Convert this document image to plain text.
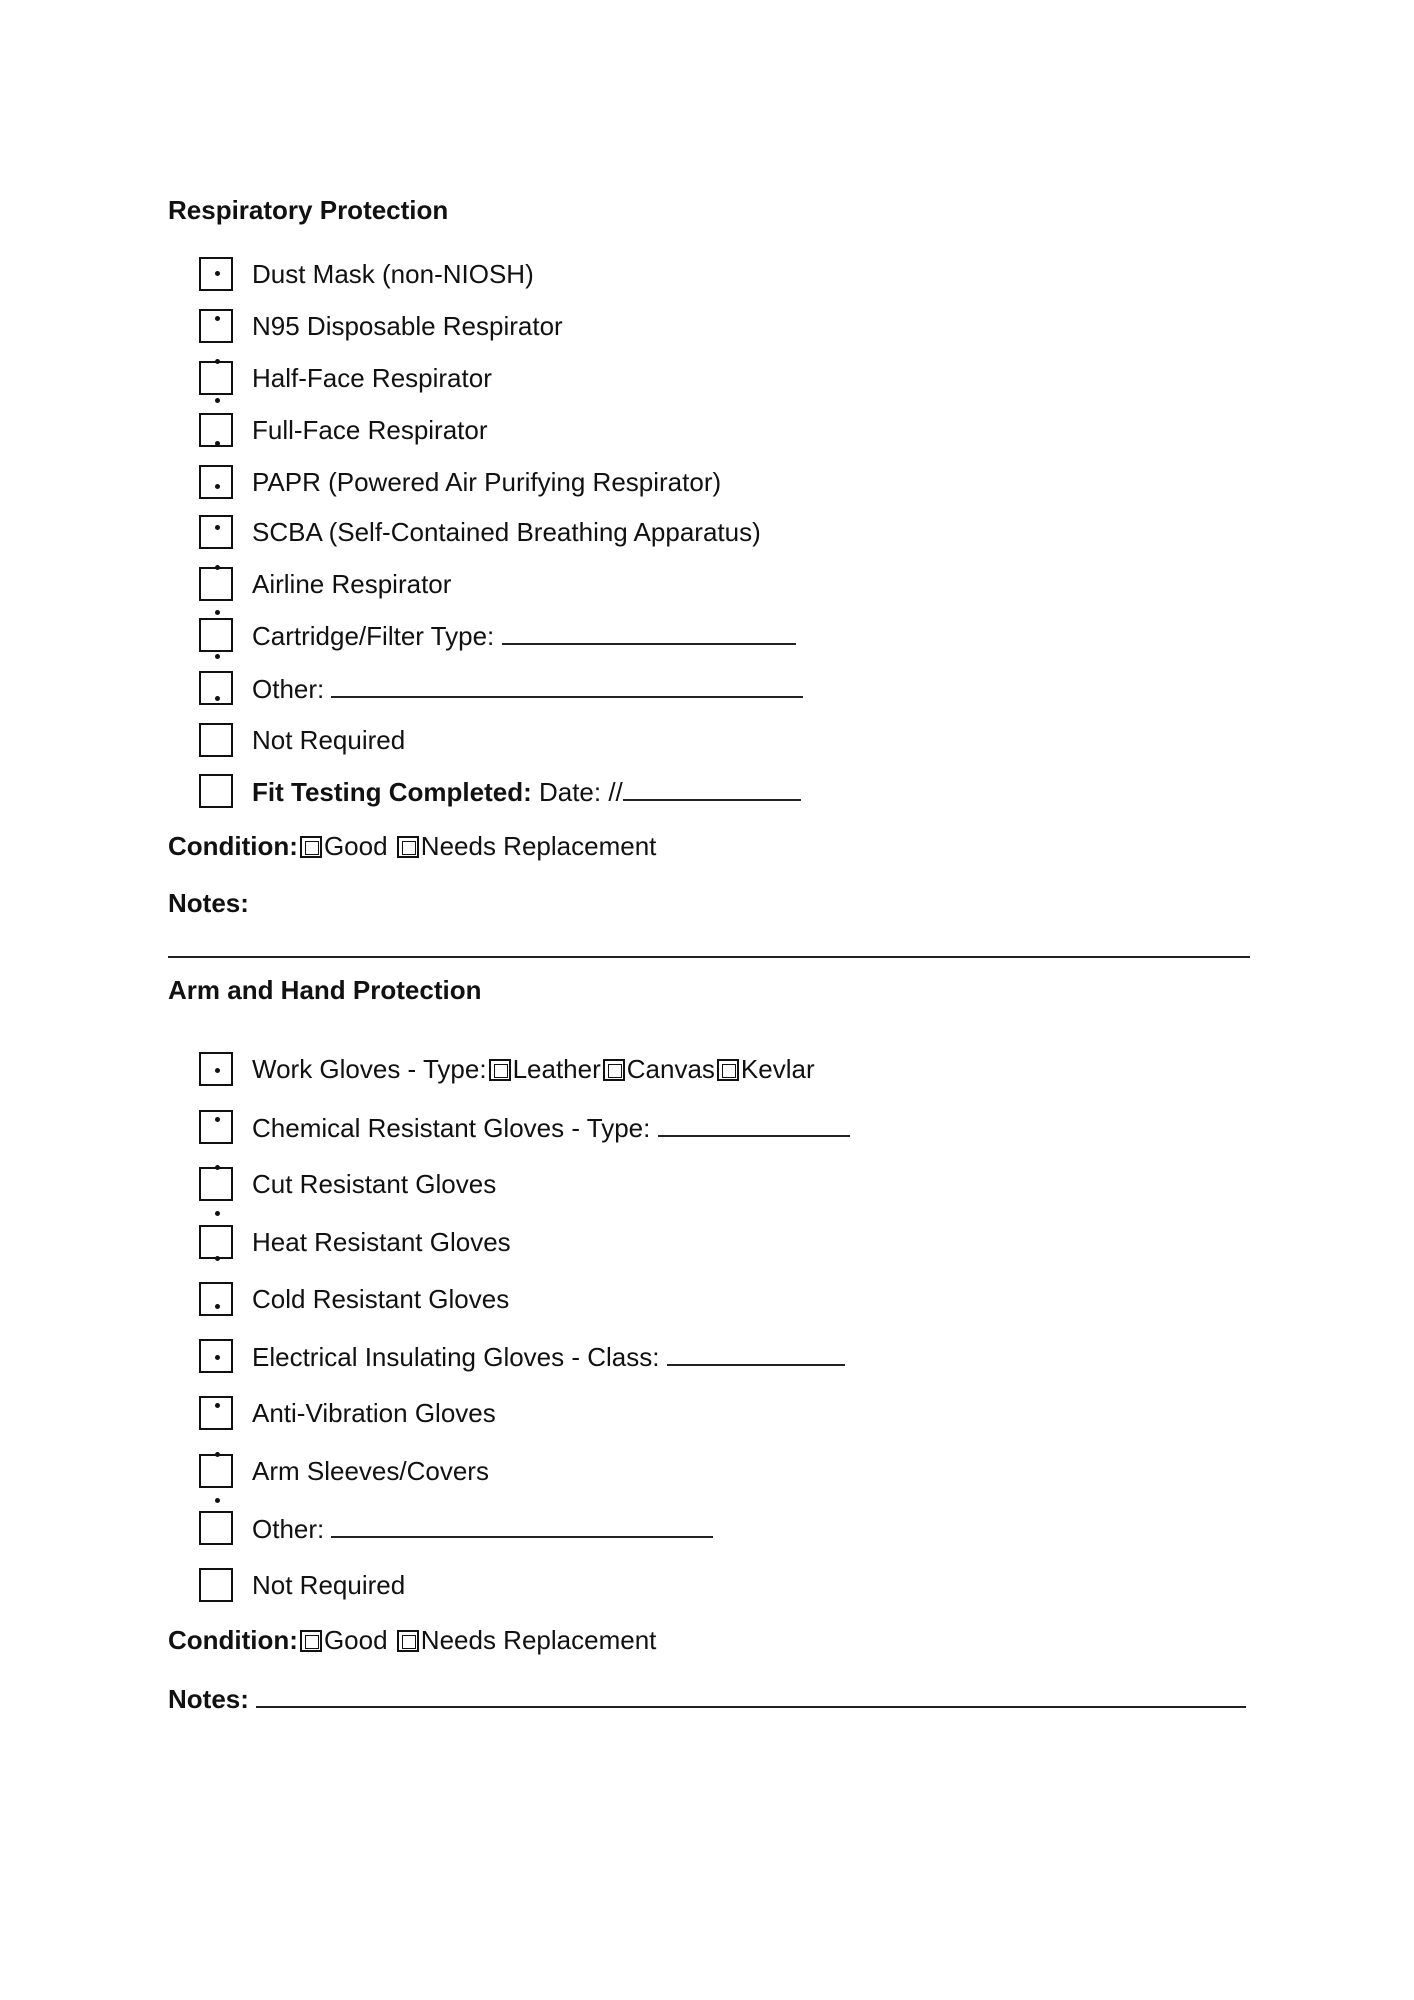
Respiratory Protection
Dust Mask (non-NIOSH)
N95 Disposable Respirator
Half-Face Respirator
Full-Face Respirator
PAPR (Powered Air Purifying Respirator)
SCBA (Self-Contained Breathing Apparatus)
Airline Respirator
Cartridge/Filter Type:
Other:
Not Required
Fit Testing Completed: Date: //
Condition: Good Needs Replacement
Notes:
Arm and Hand Protection
Work Gloves - Type: Leather Canvas Kevlar
Chemical Resistant Gloves - Type:
Cut Resistant Gloves
Heat Resistant Gloves
Cold Resistant Gloves
Electrical Insulating Gloves - Class:
Anti-Vibration Gloves
Arm Sleeves/Covers
Other:
Not Required
Condition: Good Needs Replacement
Notes:
